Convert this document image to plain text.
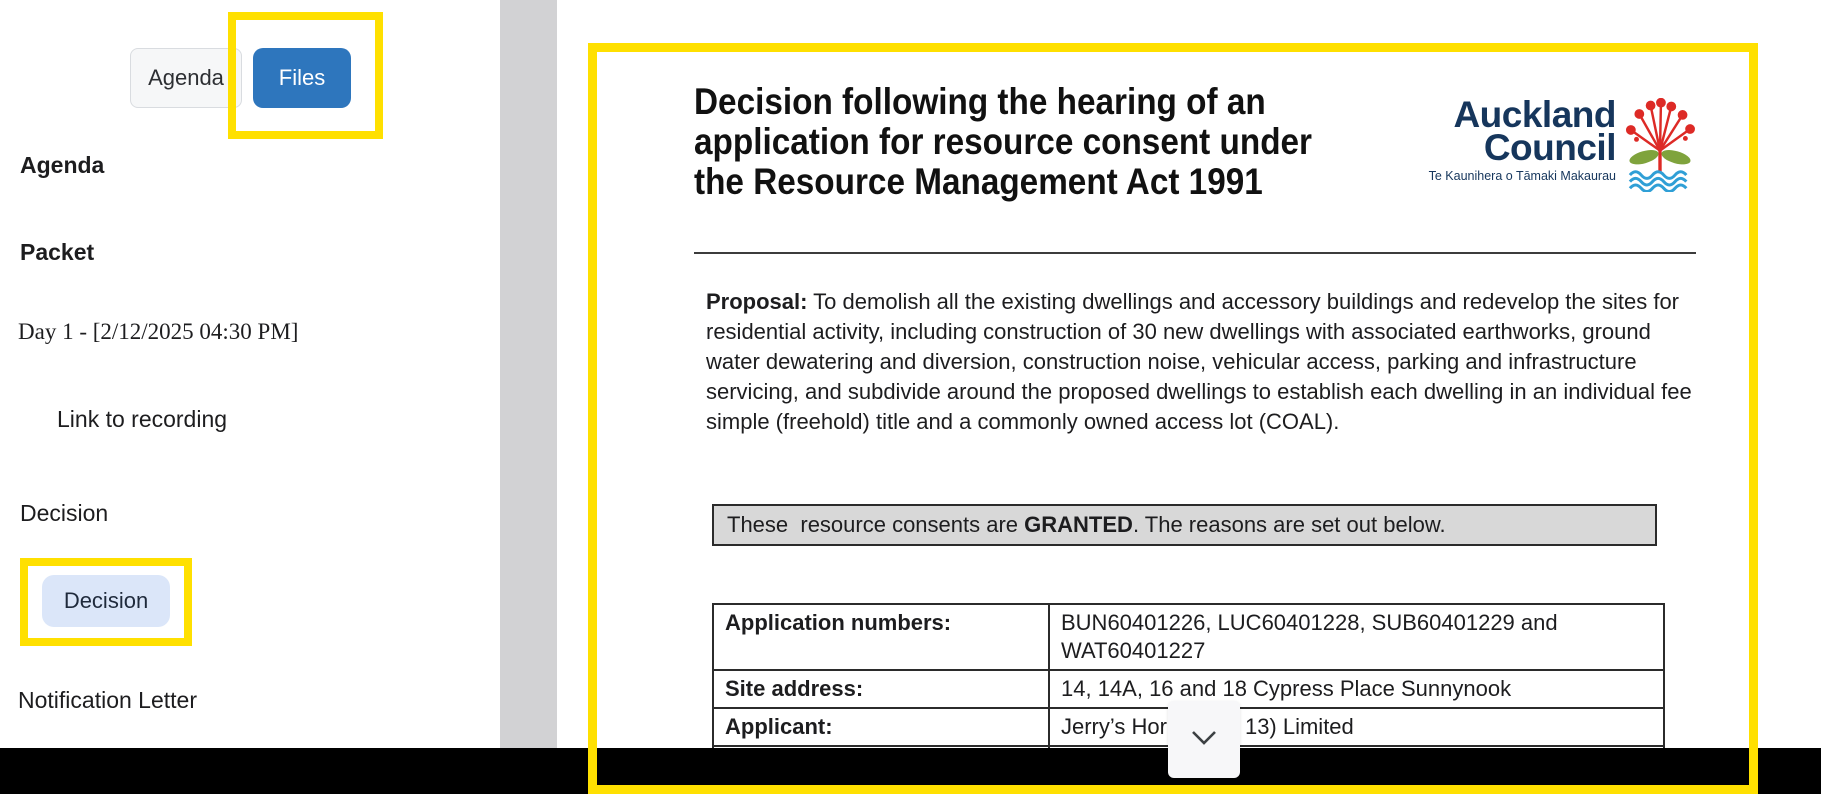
Agenda Files
Agenda
Packet
Day 1 - [2/12/2025 04:30 PM]
Link to recording
Decision
Decision
Notification Letter
Decision following the hearing of an
application for resource consent under
the Resource Management Act 1991
Auckland
Council
Te Kaunihera o Tāmaki Makaurau
Proposal: To demolish all the existing dwellings and accessory buildings and redevelop the sites for residential activity, including construction of 30 new dwellings with associated earthworks, ground water dewatering and diversion, construction noise, vehicular access, parking and infrastructure servicing, and subdivide around the proposed dwellings to establish each dwelling in an individual fee simple (freehold) title and a commonly owned access lot (COAL).
These  resource consents are GRANTED . The reasons are set out below.
Application numbers:	BUN60401226, LUC60401228, SUB60401229 and WAT60401227
Site address:	14, 14A, 16 and 18 Cypress Place Sunnynook
Applicant:	Jerry’s Hor 13) Limited
